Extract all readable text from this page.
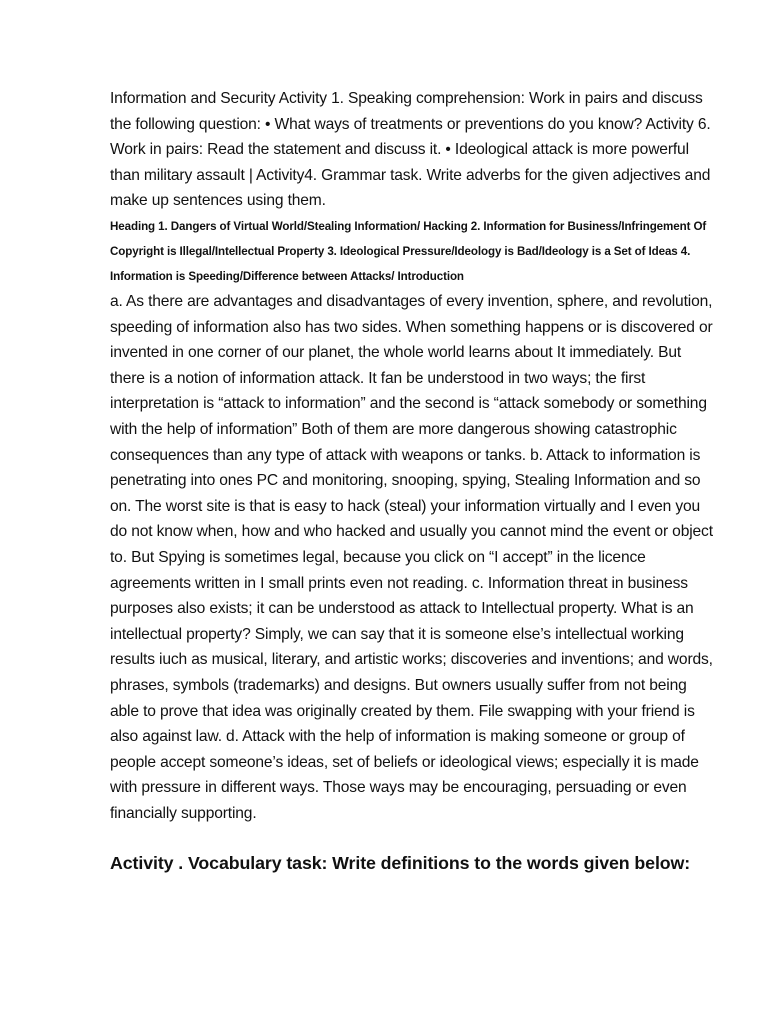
Information and Security Activity 1. Speaking comprehension: Work in pairs and discuss the following question: • What ways of treatments or preventions do you know? Activity 6. Work in pairs: Read the statement and discuss it. • Ideological attack is more powerful than military assault | Activity4. Grammar task. Write adverbs for the given adjectives and make up sentences using them.

Heading 1. Dangers of Virtual World/Stealing Information/ Hacking 2. Information for Business/Infringement Of Copyright is Illegal/Intellectual Property 3. Ideological Pressure/Ideology is Bad/Ideology is a Set of Ideas 4. Information is Speeding/Difference between Attacks/ Introduction

a. As there are advantages and disadvantages of every invention, sphere, and revolution, speeding of information also has two sides. When something happens or is discovered or invented in one corner of our planet, the whole world learns about It immediately. But there is a notion of information attack. It fan be understood in two ways; the first interpretation is “attack to information” and the second is “attack somebody or something with the help of information” Both of them are more dangerous showing catastrophic consequences than any type of attack with weapons or tanks. b. Attack to information is penetrating into ones PC and monitoring, snooping, spying, Stealing Information and so on. The worst site is that is easy to hack (steal) your information virtually and I even you do not know when, how and who hacked and usually you cannot mind the event or object to. But Spying is sometimes legal, because you click on “I accept” in the licence agreements written in I small prints even not reading. c. Information threat in business purposes also exists; it can be understood as attack to Intellectual property. What is an intellectual property? Simply, we can say that it is someone else’s intellectual working results iuch as musical, literary, and artistic works; discoveries and inventions; and words, phrases, symbols (trademarks) and designs. But owners usually suffer from not being able to prove that idea was originally created by them. File swapping with your friend is also against law. d. Attack with the help of information is making someone or group of people accept someone’s ideas, set of beliefs or ideological views; especially it is made with pressure in different ways. Those ways may be encouraging, persuading or even financially supporting.

Activity . Vocabulary task: Write definitions to the words given below:
